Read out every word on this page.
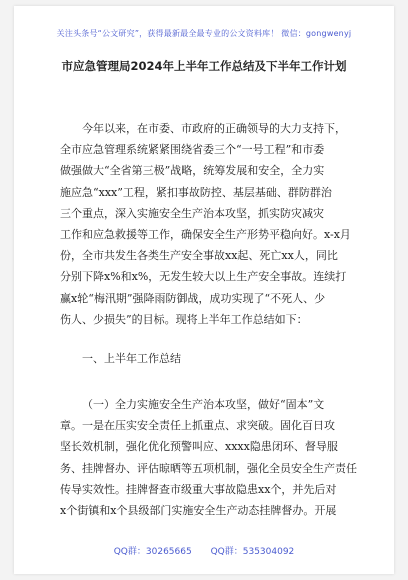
关注头条号“公文研究”，获得最新最全最专业的公文资料库！ 微信：gongwenyj
市应急管理局2024年上半年工作总结及下半年工作计划
今年以来，在市委、市政府的正确领导的大力支持下，
全市应急管理系统紧紧围绕省委三个“一号工程”和市委
做强做大“全省第三极”战略，统筹发展和安全，全力实
施应急“xxx”工程，紧扣事故防控、基层基础、群防群治
三个重点，深入实施安全生产治本攻坚，抓实防灾减灾
工作和应急救援等工作，确保安全生产形势平稳向好。x-x月
份，全市共发生各类生产安全事故xx起、死亡xx人，同比
分别下降x%和x%，无发生较大以上生产安全事故。连续打
赢x轮“梅汛期”强降雨防御战，成功实现了“不死人、少
伤人、少损失”的目标。现将上半年工作总结如下：
一、上半年工作总结
（一）全力实施安全生产治本攻坚，做好“固本”文
章。一是在压实安全责任上抓重点、求突破。固化百日攻
坚长效机制，强化优化预警叫应、xxxx隐患闭环、督导服
务、挂牌督办、评估晾晒等五项机制，强化全员安全生产责任
传导实效性。挂牌督查市级重大事故隐患xx个，并先后对
x个街镇和x个县级部门实施安全生产动态挂牌督办。开展
QQ群：30265665 QQ群：535304092
